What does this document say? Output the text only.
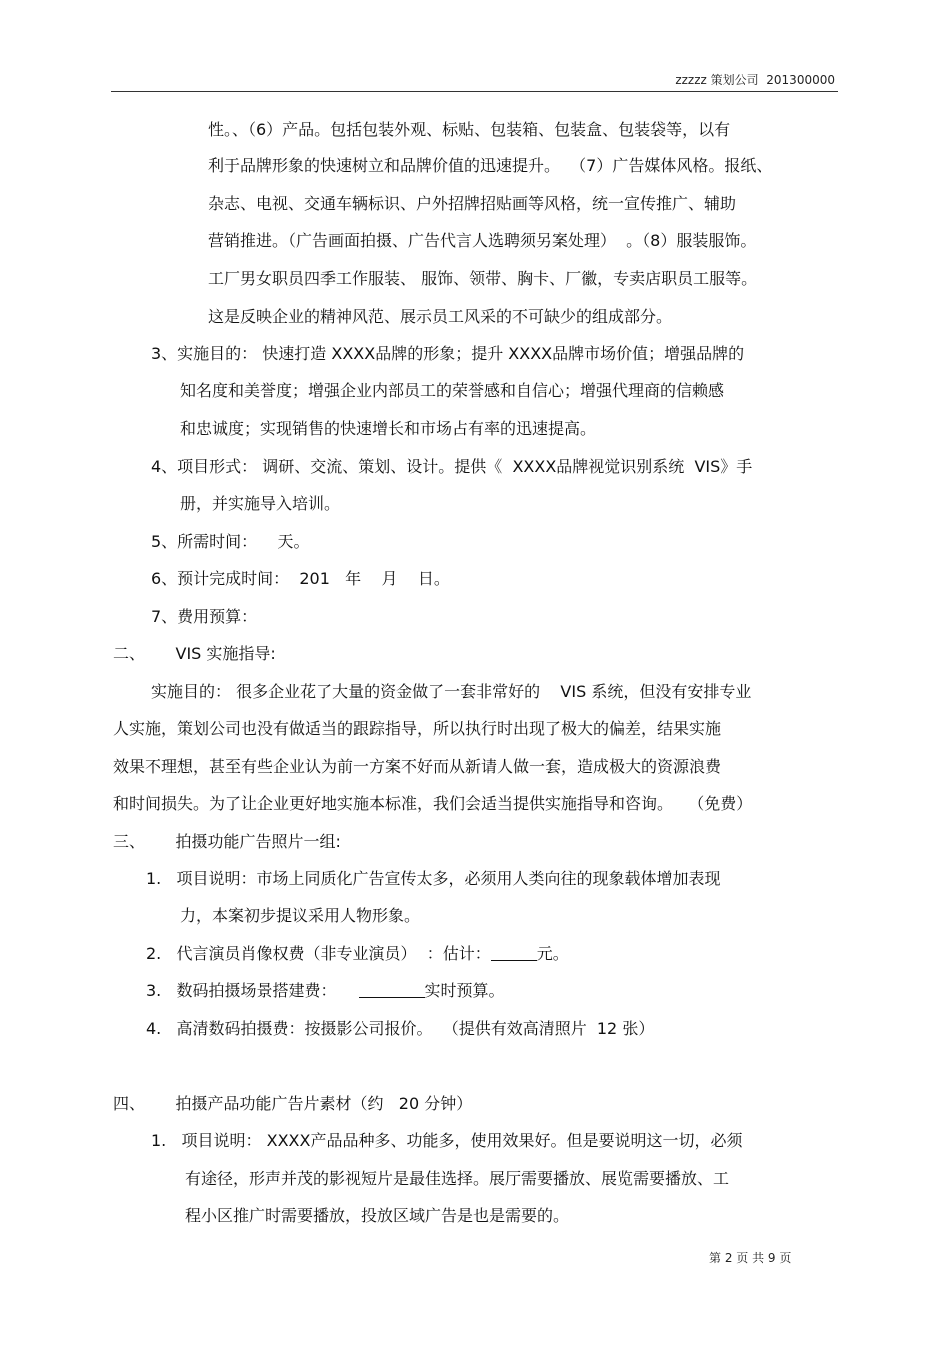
zzzzz 策划公司 201300000
性。、（6）产品。包括包装外观、标贴、包装箱、包装盒、包装袋等，以有
利于品牌形象的快速树立和品牌价值的迅速提升。  （7）广告媒体风格。报纸、
杂志、电视、交通车辆标识、户外招牌招贴画等风格，统一宣传推广、辅助
营销推进。（广告画面拍摄、广告代言人选聘须另案处理）  。（8）服装服饰。
工厂男女职员四季工作服装、 服饰、领带、胸卡、厂徽，专卖店职员工服等。
这是反映企业的精神风范、展示员工风采的不可缺少的组成部分。
3、实施目的： 快速打造 XXXX品牌的形象；提升 XXXX品牌市场价值；增强品牌的
知名度和美誉度；增强企业内部员工的荣誉感和自信心；增强代理商的信赖感
和忠诚度；实现销售的快速增长和市场占有率的迅速提高。
4、项目形式： 调研、交流、策划、设计。提供《  XXXX品牌视觉识别系统  VIS》手
册，并实施导入培训。
5、所需时间：    天。
6、预计完成时间：  201   年    月    日。
7、费用预算：
二、      VIS 实施指导:
实施目的： 很多企业花了大量的资金做了一套非常好的    VIS 系统，但没有安排专业
人实施，策划公司也没有做适当的跟踪指导，所以执行时出现了极大的偏差，结果实施
效果不理想，甚至有些企业认为前一方案不好而从新请人做一套，造成极大的资源浪费
和时间损失。为了让企业更好地实施本标准，我们会适当提供实施指导和咨询。   （免费）
三、      拍摄功能广告照片一组:
1.   项目说明：市场上同质化广告宣传太多，必须用人类向往的现象载体增加表现
力，本案初步提议采用人物形象。
2.   代言演员肖像权费（非专业演员）  ：估计：	元。
3.   数码拍摄场景搭建费：	实时预算。
4.   高清数码拍摄费：按摄影公司报价。  （提供有效高清照片  12 张）
四、      拍摄产品功能广告片素材（约   20 分钟）
1.   项目说明： XXXX产品品种多、功能多，使用效果好。但是要说明这一切，必须
有途径，形声并茂的影视短片是最佳选择。展厅需要播放、展览需要播放、工
程小区推广时需要播放，投放区域广告是也是需要的。
第 2 页 共 9 页
